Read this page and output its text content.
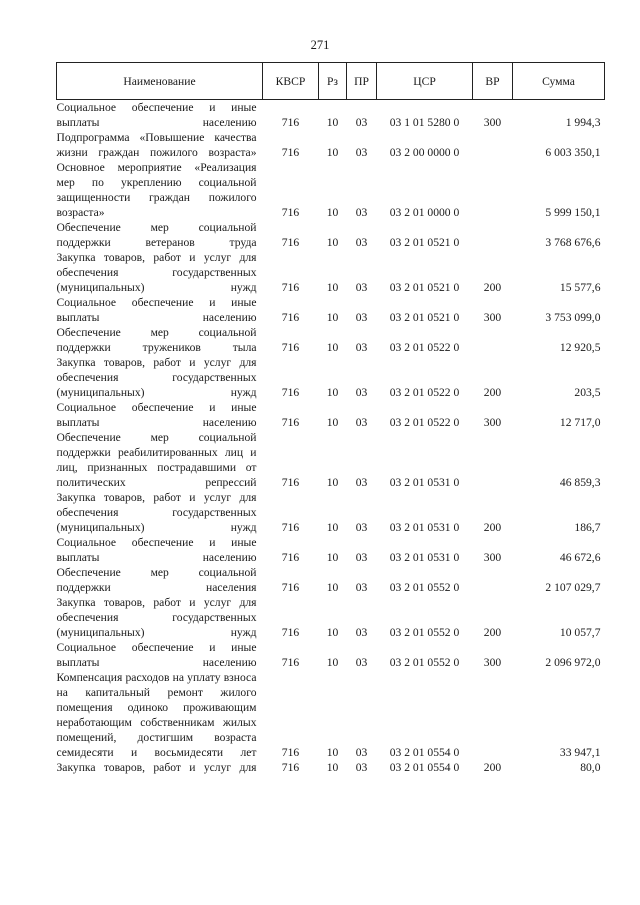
271
Наименование	КВСР	Рз	ПР	ЦСР	ВР	Сумма
Социальное обеспечение и иные выплаты населению	716	10	03	03 1 01 5280 0	300	1 994,3
Подпрограмма «Повышение качества жизни граждан пожилого возраста»	716	10	03	03 2 00 0000 0		6 003 350,1
Основное мероприятие «Реализация мер по укреплению социальной защищенности граждан пожилого возраста»	716	10	03	03 2 01 0000 0		5 999 150,1
Обеспечение мер социальной поддержки ветеранов труда	716	10	03	03 2 01 0521 0		3 768 676,6
Закупка товаров, работ и услуг для обеспечения государственных (муниципальных) нужд	716	10	03	03 2 01 0521 0	200	15 577,6
Социальное обеспечение и иные выплаты населению	716	10	03	03 2 01 0521 0	300	3 753 099,0
Обеспечение мер социальной поддержки тружеников тыла	716	10	03	03 2 01 0522 0		12 920,5
Закупка товаров, работ и услуг для обеспечения государственных (муниципальных) нужд	716	10	03	03 2 01 0522 0	200	203,5
Социальное обеспечение и иные выплаты населению	716	10	03	03 2 01 0522 0	300	12 717,0
Обеспечение мер социальной поддержки реабилитированных лиц и лиц, признанных пострадавшими от политических репрессий	716	10	03	03 2 01 0531 0		46 859,3
Закупка товаров, работ и услуг для обеспечения государственных (муниципальных) нужд	716	10	03	03 2 01 0531 0	200	186,7
Социальное обеспечение и иные выплаты населению	716	10	03	03 2 01 0531 0	300	46 672,6
Обеспечение мер социальной поддержки населения	716	10	03	03 2 01 0552 0		2 107 029,7
Закупка товаров, работ и услуг для обеспечения государственных (муниципальных) нужд	716	10	03	03 2 01 0552 0	200	10 057,7
Социальное обеспечение и иные выплаты населению	716	10	03	03 2 01 0552 0	300	2 096 972,0
Компенсация расходов на уплату взноса на капитальный ремонт жилого помещения одиноко проживающим неработающим собственникам жилых помещений, достигшим возраста семидесяти и восьмидесяти лет	716	10	03	03 2 01 0554 0		33 947,1
Закупка товаров, работ и услуг для	716	10	03	03 2 01 0554 0	200	80,0
